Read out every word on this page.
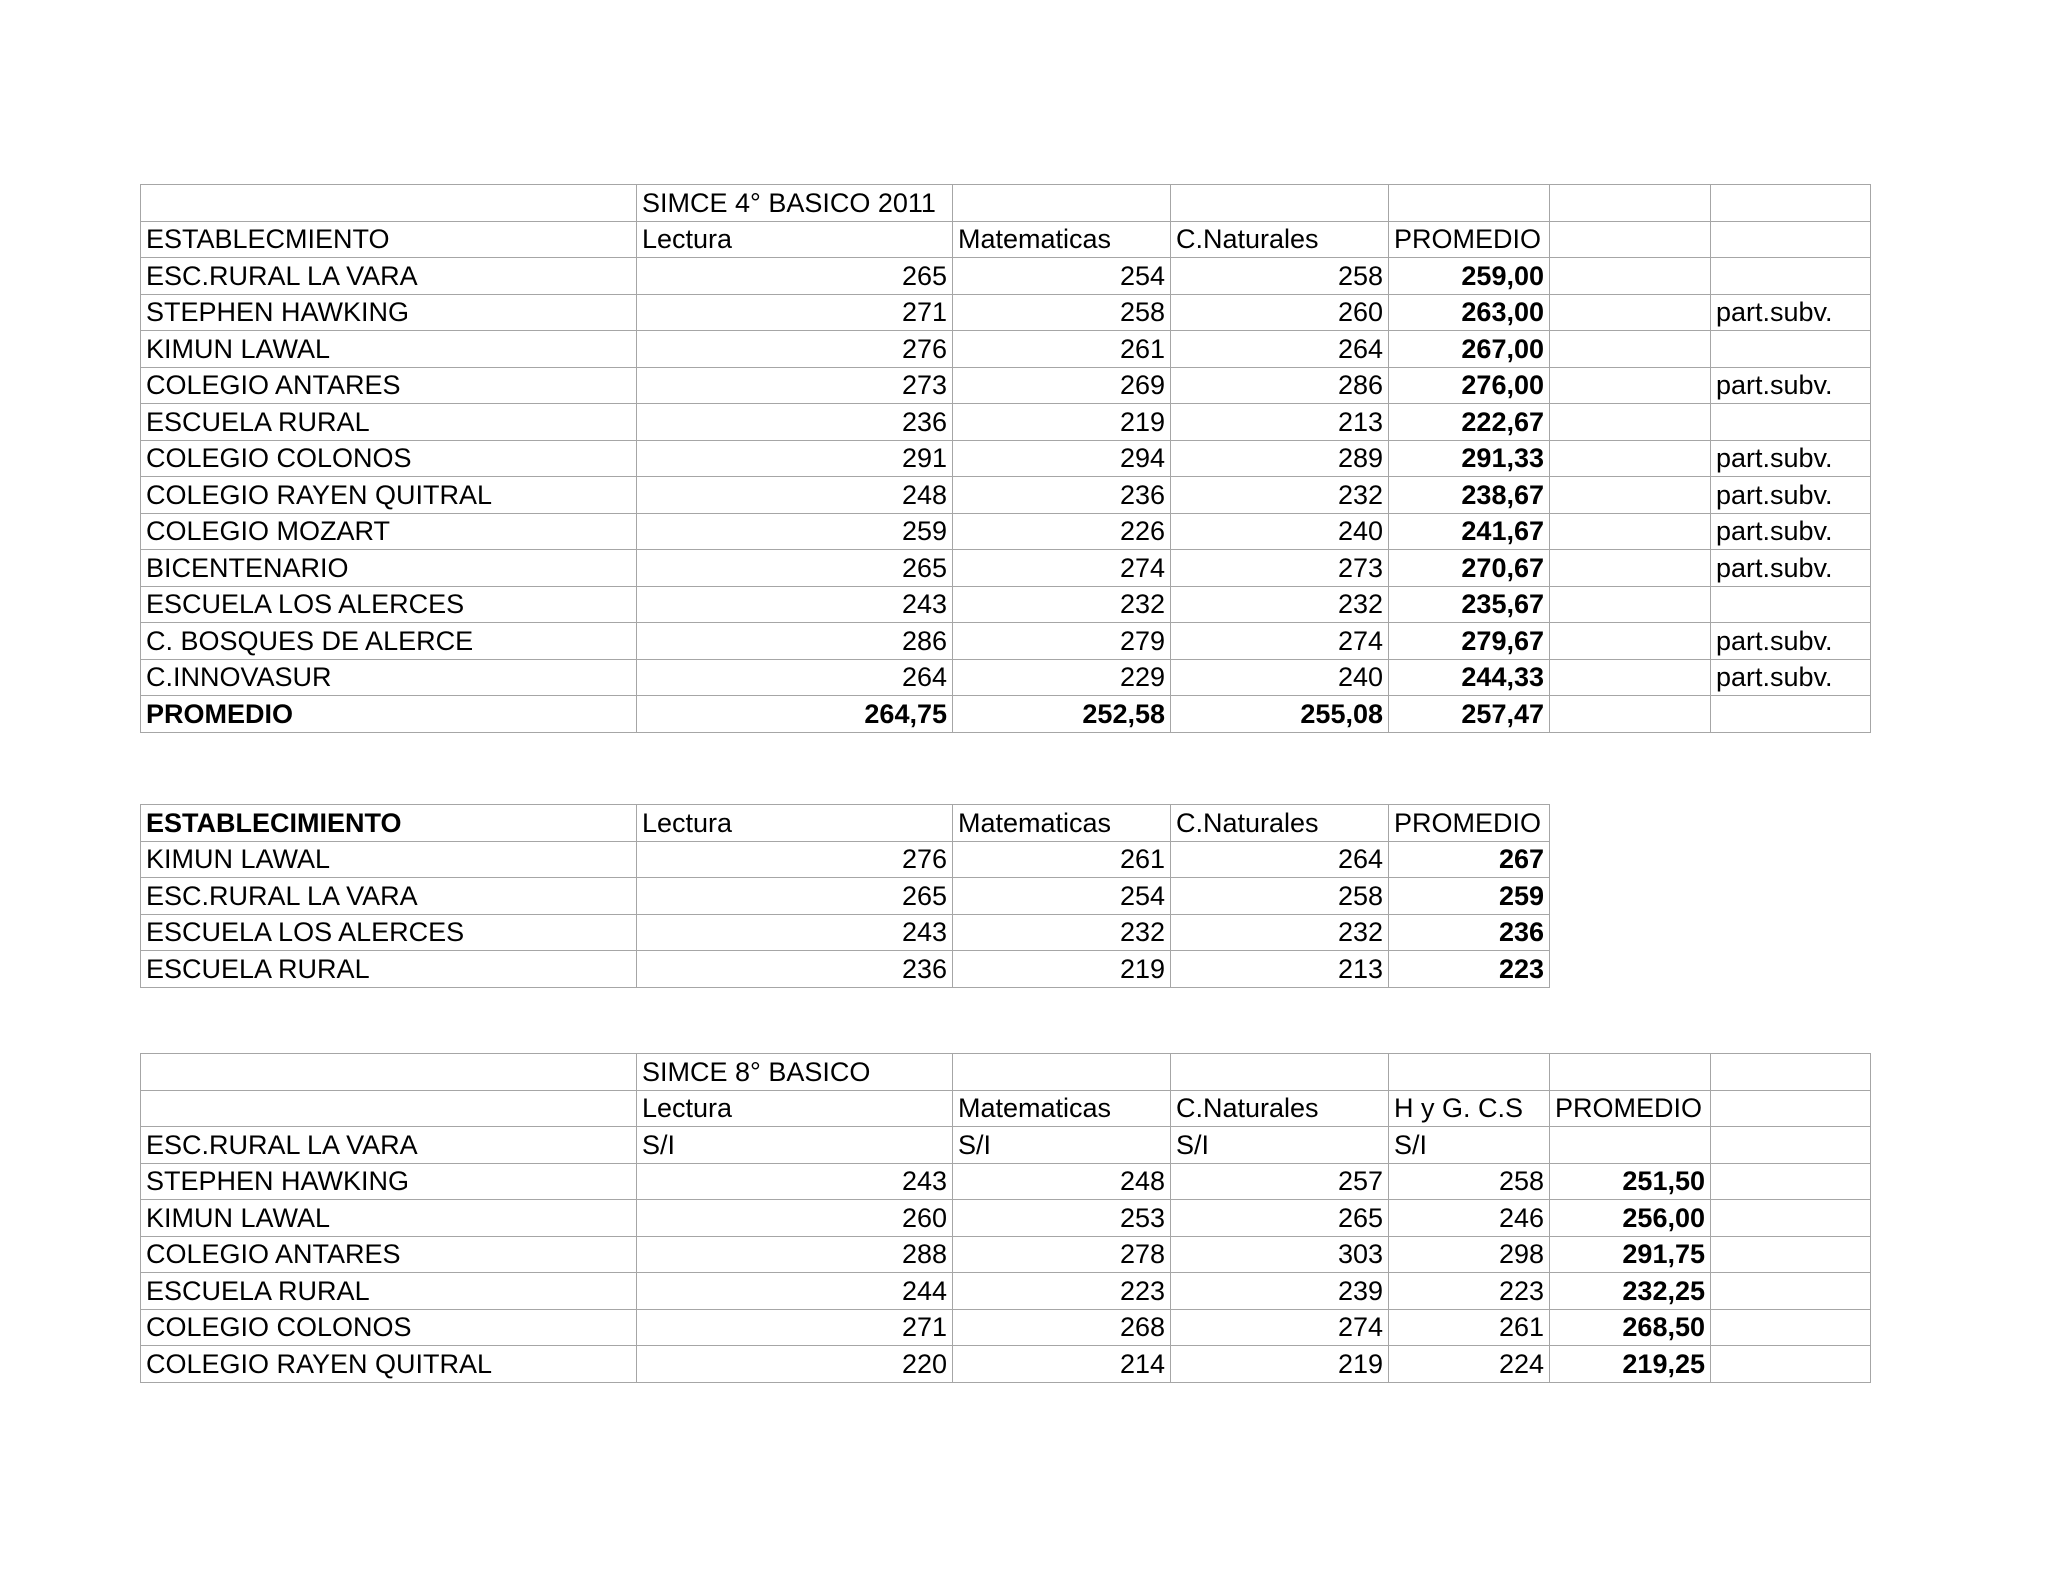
	SIMCE 4° BASICO 2011					
ESTABLECMIENTO	Lectura	Matematicas	C.Naturales	PROMEDIO		
ESC.RURAL LA VARA	265	254	258	259,00		
STEPHEN HAWKING	271	258	260	263,00		part.subv.
KIMUN LAWAL	276	261	264	267,00		
COLEGIO ANTARES	273	269	286	276,00		part.subv.
ESCUELA RURAL	236	219	213	222,67		
COLEGIO COLONOS	291	294	289	291,33		part.subv.
COLEGIO RAYEN QUITRAL	248	236	232	238,67		part.subv.
COLEGIO MOZART	259	226	240	241,67		part.subv.
BICENTENARIO	265	274	273	270,67		part.subv.
ESCUELA LOS ALERCES	243	232	232	235,67		
C. BOSQUES DE ALERCE	286	279	274	279,67		part.subv.
C.INNOVASUR	264	229	240	244,33		part.subv.
PROMEDIO	264,75	252,58	255,08	257,47		
ESTABLECIMIENTO	Lectura	Matematicas	C.Naturales	PROMEDIO
KIMUN LAWAL	276	261	264	267
ESC.RURAL LA VARA	265	254	258	259
ESCUELA LOS ALERCES	243	232	232	236
ESCUELA RURAL	236	219	213	223
	SIMCE 8° BASICO					
	Lectura	Matematicas	C.Naturales	H y G. C.S	PROMEDIO	
ESC.RURAL LA VARA	S/I	S/I	S/I	S/I		
STEPHEN HAWKING	243	248	257	258	251,50	
KIMUN LAWAL	260	253	265	246	256,00	
COLEGIO ANTARES	288	278	303	298	291,75	
ESCUELA RURAL	244	223	239	223	232,25	
COLEGIO COLONOS	271	268	274	261	268,50	
COLEGIO RAYEN QUITRAL	220	214	219	224	219,25	
